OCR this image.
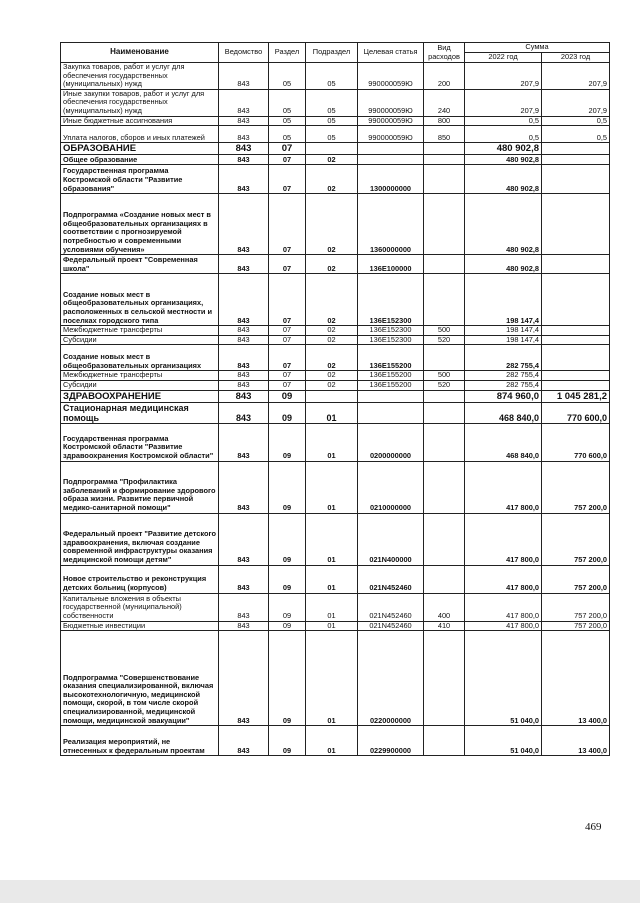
Наименование	Ведомство	Раздел	Подраздел	Целевая статья	Вид расходов	Сумма	
						2022 год	2023 год
Закупка товаров, работ и услуг для обеспечения государственных (муниципальных) нужд	843	05	05	990000059Ю	200	207,9	207,9
Иные закупки товаров, работ и услуг для обеспечения государственных (муниципальных) нужд	843	05	05	990000059Ю	240	207,9	207,9
Иные бюджетные ассигнования	843	05	05	990000059Ю	800	0,5	0,5
Уплата налогов, сборов и иных платежей	843	05	05	990000059Ю	850	0,5	0,5
ОБРАЗОВАНИЕ	843	07				480 902,8	
Общее образование	843	07	02			480 902,8	
Государственная программа Костромской области "Развитие образования"	843	07	02	1300000000		480 902,8	
Подпрограмма «Создание новых мест в общеобразовательных организациях в соответствии с прогнозируемой потребностью и современными условиями обучения»	843	07	02	1360000000		480 902,8	
Федеральный проект "Современная школа"	843	07	02	136E100000		480 902,8	
Создание новых мест в общеобразовательных организациях, расположенных в сельской местности и поселках городского типа	843	07	02	136E152300		198 147,4	
Межбюджетные трансферты	843	07	02	136E152300	500	198 147,4	
Субсидии	843	07	02	136E152300	520	198 147,4	
Создание новых мест в общеобразовательных организациях	843	07	02	136E155200		282 755,4	
Межбюджетные трансферты	843	07	02	136E155200	500	282 755,4	
Субсидии	843	07	02	136E155200	520	282 755,4	
ЗДРАВООХРАНЕНИЕ	843	09				874 960,0	1 045 281,2
Стационарная медицинская помощь	843	09	01			468 840,0	770 600,0
Государственная программа Костромской области "Развитие здравоохранения Костромской области"	843	09	01	0200000000		468 840,0	770 600,0
Подпрограмма "Профилактика заболеваний и формирование здорового образа жизни. Развитие первичной медико-санитарной помощи"	843	09	01	0210000000		417 800,0	757 200,0
Федеральный проект "Развитие детского здравоохранения, включая создание современной инфраструктуры оказания медицинской помощи детям"	843	09	01	021N400000		417 800,0	757 200,0
Новое строительство и реконструкция детских больниц (корпусов)	843	09	01	021N452460		417 800,0	757 200,0
Капитальные вложения в объекты государственной (муниципальной) собственности	843	09	01	021N452460	400	417 800,0	757 200,0
Бюджетные инвестиции	843	09	01	021N452460	410	417 800,0	757 200,0
Подпрограмма "Совершенствование оказания специализированной, включая высокотехнологичную, медицинской помощи, скорой, в том числе скорой специализированной, медицинской помощи, медицинской эвакуации"	843	09	01	0220000000		51 040,0	13 400,0
Реализация мероприятий, не отнесенных к федеральным проектам	843	09	01	0229900000		51 040,0	13 400,0
469
